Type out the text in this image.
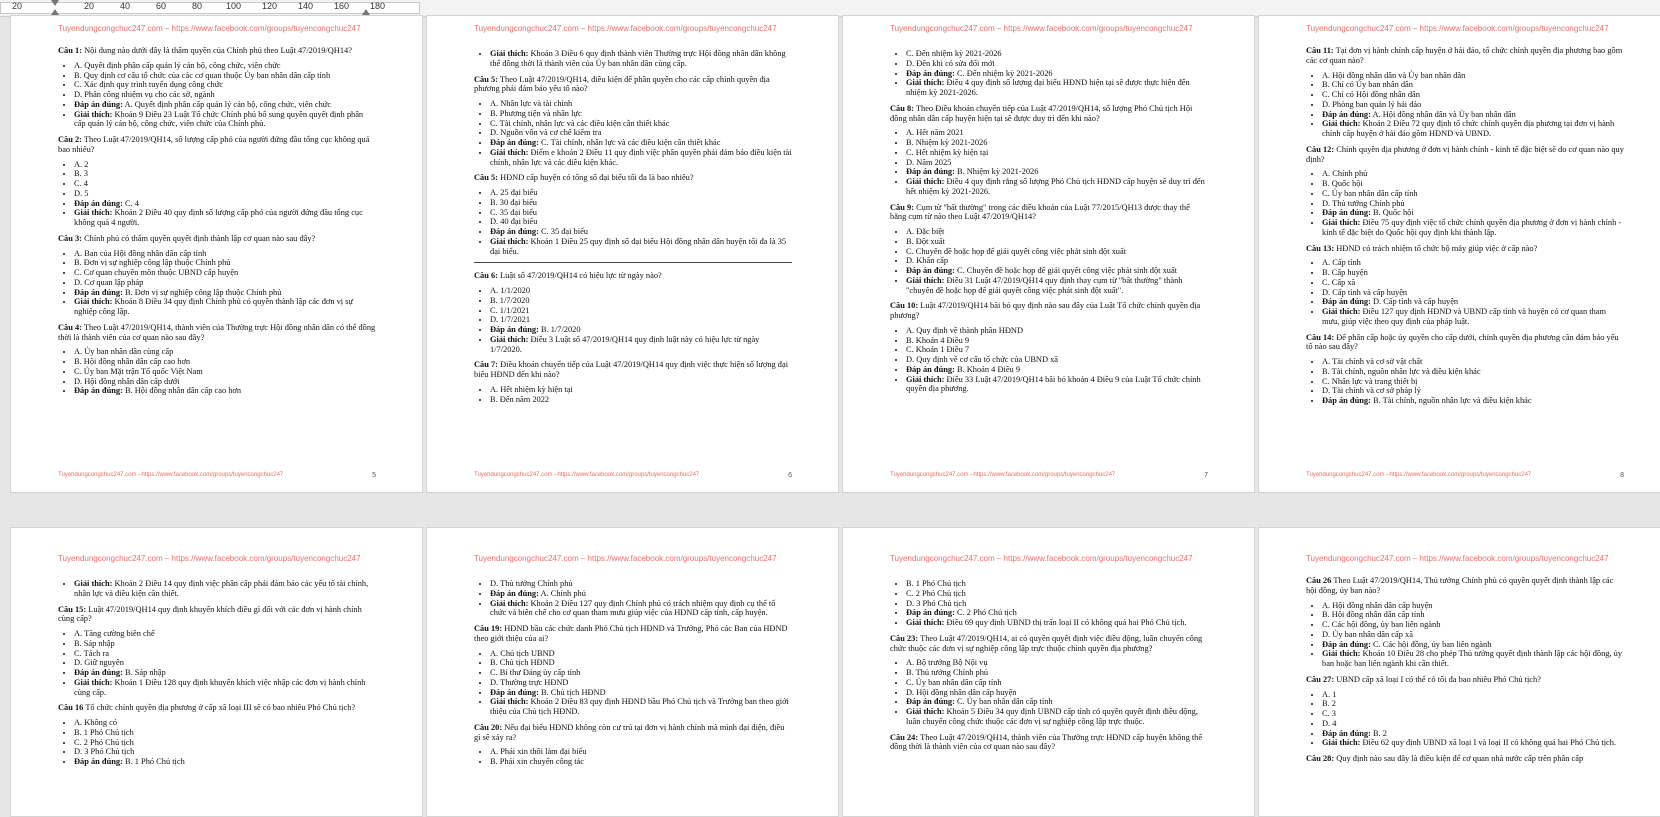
20	20	40	60	80	100 120 140 160 180
Tuyendungcongchuc247.com – https://www.facebook.com/groups/tuyencongchuc247
Câu 1: Nội dung nào dưới đây là thẩm quyền của Chính phủ theo Luật 47/2019/QH14?
• A. Quyết định phân cấp quản lý cán bộ, công chức, viên chức
• B. Quy định cơ cấu tổ chức của các cơ quan thuộc Ủy ban nhân dân cấp tỉnh
• C. Xác định quy trình tuyển dụng công chức
• D. Phân công nhiệm vụ cho các sở, ngành
• Đáp án đúng: A. Quyết định phân cấp quản lý cán bộ, công chức, viên chức
• Giải thích: Khoản 9 Điều 23 Luật Tổ chức Chính phủ bổ sung quyền quyết định phân cấp quản lý cán bộ, công chức, viên chức của Chính phủ.
Câu 2: Theo Luật 47/2019/QH14, số lượng cấp phó của người đứng đầu tổng cục không quá bao nhiêu?
• A. 2
• B. 3
• C. 4
• D. 5
• Đáp án đúng: C. 4
• Giải thích: Khoản 2 Điều 40 quy định số lượng cấp phó của người đứng đầu tổng cục không quá 4 người.
Câu 3: Chính phủ có thẩm quyền quyết định thành lập cơ quan nào sau đây?
• A. Ban của Hội đồng nhân dân cấp tỉnh
• B. Đơn vị sự nghiệp công lập thuộc Chính phủ
• C. Cơ quan chuyên môn thuộc UBND cấp huyện
• D. Cơ quan lập pháp
• Đáp án đúng: B. Đơn vị sự nghiệp công lập thuộc Chính phủ
• Giải thích: Khoản 8 Điều 34 quy định Chính phủ có quyền thành lập các đơn vị sự nghiệp công lập.
Câu 4: Theo Luật 47/2019/QH14, thành viên của Thường trực Hội đồng nhân dân có thể đồng thời là thành viên của cơ quan nào sau đây?
• A. Ủy ban nhân dân cùng cấp
• B. Hội đồng nhân dân cấp cao hơn
• C. Ủy ban Mặt trận Tổ quốc Việt Nam
• D. Hội đồng nhân dân cấp dưới
• Đáp án đúng: B. Hội đồng nhân dân cấp cao hơn
Tuyendungcongchuc247.com –https://www.facebook.com/groups/tuyencongchuc247	5
Tuyendungcongchuc247.com – https://www.facebook.com/groups/tuyencongchuc247
• Giải thích: Khoản 3 Điều 6 quy định thành viên Thường trực Hội đồng nhân dân không thể đồng thời là thành viên của Ủy ban nhân dân cùng cấp.
Câu 5: Theo Luật 47/2019/QH14, điều kiện để phân quyền cho các cấp chính quyền địa phương phải đảm bảo yếu tố nào?
• A. Nhân lực và tài chính
• B. Phương tiện và nhân lực
• C. Tài chính, nhân lực và các điều kiện cần thiết khác
• D. Nguồn vốn và cơ chế kiểm tra
• Đáp án đúng: C. Tài chính, nhân lực và các điều kiện cần thiết khác
• Giải thích: Điểm e khoản 2 Điều 11 quy định việc phân quyền phải đảm bảo điều kiện tài chính, nhân lực và các điều kiện khác.
Câu 5: HĐND cấp huyện có tổng số đại biểu tối đa là bao nhiêu?
• A. 25 đại biểu
• B. 30 đại biểu
• C. 35 đại biểu
• D. 40 đại biểu
• Đáp án đúng: C. 35 đại biểu
• Giải thích: Khoản 1 Điều 25 quy định số đại biểu Hội đồng nhân dân huyện tối đa là 35 đại biểu.
Câu 6: Luật số 47/2019/QH14 có hiệu lực từ ngày nào?
• A. 1/1/2020
• B. 1/7/2020
• C. 1/1/2021
• D. 1/7/2021
• Đáp án đúng: B. 1/7/2020
• Giải thích: Điều 3 Luật số 47/2019/QH14 quy định luật này có hiệu lực từ ngày 1/7/2020.
Câu 7: Điều khoản chuyển tiếp của Luật 47/2019/QH14 quy định việc thực hiện số lượng đại biểu HĐND đến khi nào?
• A. Hết nhiệm kỳ hiện tại
• B. Đến năm 2022
Tuyendungcongchuc247.com –https://www.facebook.com/groups/tuyencongchuc247	6
Tuyendungcongchuc247.com – https://www.facebook.com/groups/tuyencongchuc247
• C. Đến nhiệm kỳ 2021-2026
• D. Đến khi có sửa đổi mới
• Đáp án đúng: C. Đến nhiệm kỳ 2021-2026
• Giải thích: Điều 4 quy định số lượng đại biểu HĐND hiện tại sẽ được thực hiện đến nhiệm kỳ 2021-2026.
Câu 8: Theo Điều khoản chuyển tiếp của Luật 47/2019/QH14, số lượng Phó Chủ tịch Hội đồng nhân dân cấp huyện hiện tại sẽ được duy trì đến khi nào?
• A. Hết năm 2021
• B. Nhiệm kỳ 2021-2026
• C. Hết nhiệm kỳ hiện tại
• D. Năm 2025
• Đáp án đúng: B. Nhiệm kỳ 2021-2026
• Giải thích: Điều 4 quy định rằng số lượng Phó Chủ tịch HĐND cấp huyện sẽ duy trì đến hết nhiệm kỳ 2021-2026.
Câu 9: Cụm từ "bất thường" trong các điều khoản của Luật 77/2015/QH13 được thay thế bằng cụm từ nào theo Luật 47/2019/QH14?
• A. Đặc biệt
• B. Đột xuất
• C. Chuyên đề hoặc họp để giải quyết công việc phát sinh đột xuất
• D. Khẩn cấp
• Đáp án đúng: C. Chuyên đề hoặc họp để giải quyết công việc phát sinh đột xuất
• Giải thích: Điều 31 Luật 47/2019/QH14 quy định thay cụm từ "bất thường" thành "chuyên đề hoặc họp để giải quyết công việc phát sinh đột xuất".
Câu 10: Luật 47/2019/QH14 bãi bỏ quy định nào sau đây của Luật Tổ chức chính quyền địa phương?
• A. Quy định về thành phần HĐND
• B. Khoản 4 Điều 9
• C. Khoản 1 Điều 7
• D. Quy định về cơ cấu tổ chức của UBND xã
• Đáp án đúng: B. Khoản 4 Điều 9
• Giải thích: Điều 33 Luật 47/2019/QH14 bãi bỏ khoản 4 Điều 9 của Luật Tổ chức chính quyền địa phương.
Tuyendungcongchuc247.com –https://www.facebook.com/groups/tuyencongchuc247	7
Tuyendungcongchuc247.com – https://www.facebook.com/groups/tuyencongchuc247
Câu 11: Tại đơn vị hành chính cấp huyện ở hải đảo, tổ chức chính quyền địa phương bao gồm các cơ quan nào?
• A. Hội đồng nhân dân và Ủy ban nhân dân
• B. Chỉ có Ủy ban nhân dân
• C. Chỉ có Hội đồng nhân dân
• D. Phòng ban quản lý hải đảo
• Đáp án đúng: A. Hội đồng nhân dân và Ủy ban nhân dân
• Giải thích: Khoản 2 Điều 72 quy định tổ chức chính quyền địa phương tại đơn vị hành chính cấp huyện ở hải đảo gồm HĐND và UBND.
Câu 12: Chính quyền địa phương ở đơn vị hành chính - kinh tế đặc biệt sẽ do cơ quan nào quy định?
• A. Chính phủ
• B. Quốc hội
• C. Ủy ban nhân dân cấp tỉnh
• D. Thủ tướng Chính phủ
• Đáp án đúng: B. Quốc hội
• Giải thích: Điều 75 quy định việc tổ chức chính quyền địa phương ở đơn vị hành chính - kinh tế đặc biệt do Quốc hội quy định khi thành lập.
Câu 13: HĐND có trách nhiệm tổ chức bộ máy giúp việc ở cấp nào?
• A. Cấp tỉnh
• B. Cấp huyện
• C. Cấp xã
• D. Cấp tỉnh và cấp huyện
• Đáp án đúng: D. Cấp tỉnh và cấp huyện
• Giải thích: Điều 127 quy định HĐND và UBND cấp tỉnh và huyện có cơ quan tham mưu, giúp việc theo quy định của pháp luật.
Câu 14: Để phân cấp hoặc ủy quyền cho cấp dưới, chính quyền địa phương cần đảm bảo yếu tố nào sau đây?
• A. Tài chính và cơ sở vật chất
• B. Tài chính, nguồn nhân lực và điều kiện khác
• C. Nhân lực và trang thiết bị
• D. Tài chính và cơ sở pháp lý
• Đáp án đúng: B. Tài chính, nguồn nhân lực và điều kiện khác
Tuyendungcongchuc247.com –https://www.facebook.com/groups/tuyencongchuc247	8
Tuyendungcongchuc247.com – https://www.facebook.com/groups/tuyencongchuc247
• Giải thích: Khoản 2 Điều 14 quy định việc phân cấp phải đảm bảo các yếu tố tài chính, nhân lực và điều kiện cần thiết.
Câu 15: Luật 47/2019/QH14 quy định khuyến khích điều gì đối với các đơn vị hành chính cùng cấp?
• A. Tăng cường biên chế
• B. Sáp nhập
• C. Tách ra
• D. Giữ nguyên
• Đáp án đúng: B. Sáp nhập
• Giải thích: Khoản 1 Điều 128 quy định khuyến khích việc nhập các đơn vị hành chính cùng cấp.
Câu 16 Tổ chức chính quyền địa phương ở cấp xã loại III sẽ có bao nhiêu Phó Chủ tịch?
• A. Không có
• B. 1 Phó Chủ tịch
• C. 2 Phó Chủ tịch
• D. 3 Phó Chủ tịch
• Đáp án đúng: B. 1 Phó Chủ tịch
Tuyendungcongchuc247.com – https://www.facebook.com/groups/tuyencongchuc247
• D. Thủ tướng Chính phủ
• Đáp án đúng: A. Chính phủ
• Giải thích: Khoản 2 Điều 127 quy định Chính phủ có trách nhiệm quy định cụ thể tổ chức và biên chế cho cơ quan tham mưu giúp việc của HĐND cấp tỉnh, cấp huyện.
Câu 19: HĐND bầu các chức danh Phó Chủ tịch HĐND và Trưởng, Phó các Ban của HĐND theo giới thiệu của ai?
• A. Chủ tịch UBND
• B. Chủ tịch HĐND
• C. Bí thư Đảng ủy cấp tỉnh
• D. Thường trực HĐND
• Đáp án đúng: B. Chủ tịch HĐND
• Giải thích: Khoản 2 Điều 83 quy định HĐND bầu Phó Chủ tịch và Trưởng ban theo giới thiệu của Chủ tịch HĐND.
Câu 20: Nếu đại biểu HĐND không còn cư trú tại đơn vị hành chính mà mình đại diện, điều gì sẽ xảy ra?
• A. Phải xin thôi làm đại biểu
• B. Phải xin chuyển công tác
Tuyendungcongchuc247.com – https://www.facebook.com/groups/tuyencongchuc247
• B. 1 Phó Chủ tịch
• C. 2 Phó Chủ tịch
• D. 3 Phó Chủ tịch
• Đáp án đúng: C. 2 Phó Chủ tịch
• Giải thích: Điều 69 quy định UBND thị trấn loại II có không quá hai Phó Chủ tịch.
Câu 23: Theo Luật 47/2019/QH14, ai có quyền quyết định việc điều động, luân chuyển công chức thuộc các đơn vị sự nghiệp công lập trực thuộc chính quyền địa phương?
• A. Bộ trưởng Bộ Nội vụ
• B. Thủ tướng Chính phủ
• C. Ủy ban nhân dân cấp tỉnh
• D. Hội đồng nhân dân cấp huyện
• Đáp án đúng: C. Ủy ban nhân dân cấp tỉnh
• Giải thích: Khoản 5 Điều 34 quy định UBND cấp tỉnh có quyền quyết định điều động, luân chuyển công chức thuộc các đơn vị sự nghiệp công lập trực thuộc.
Câu 24: Theo Luật 47/2019/QH14, thành viên của Thường trực HĐND cấp huyện không thể đồng thời là thành viên của cơ quan nào sau đây?
Tuyendungcongchuc247.com – https://www.facebook.com/groups/tuyencongchuc247
Câu 26 Theo Luật 47/2019/QH14, Thủ tướng Chính phủ có quyền quyết định thành lập các hội đồng, ủy ban nào?
• A. Hội đồng nhân dân cấp huyện
• B. Hội đồng nhân dân cấp tỉnh
• C. Các hội đồng, ủy ban liên ngành
• D. Ủy ban nhân dân cấp xã
• Đáp án đúng: C. Các hội đồng, ủy ban liên ngành
• Giải thích: Khoản 10 Điều 28 cho phép Thủ tướng quyết định thành lập các hội đồng, ủy ban hoặc ban liên ngành khi cần thiết.
Câu 27: UBND cấp xã loại I có thể có tối đa bao nhiêu Phó Chủ tịch?
• A. 1
• B. 2
• C. 3
• D. 4
• Đáp án đúng: B. 2
• Giải thích: Điều 62 quy định UBND xã loại I và loại II có không quá hai Phó Chủ tịch.
Câu 28: Quy định nào sau đây là điều kiện để cơ quan nhà nước cấp trên phân cấp
